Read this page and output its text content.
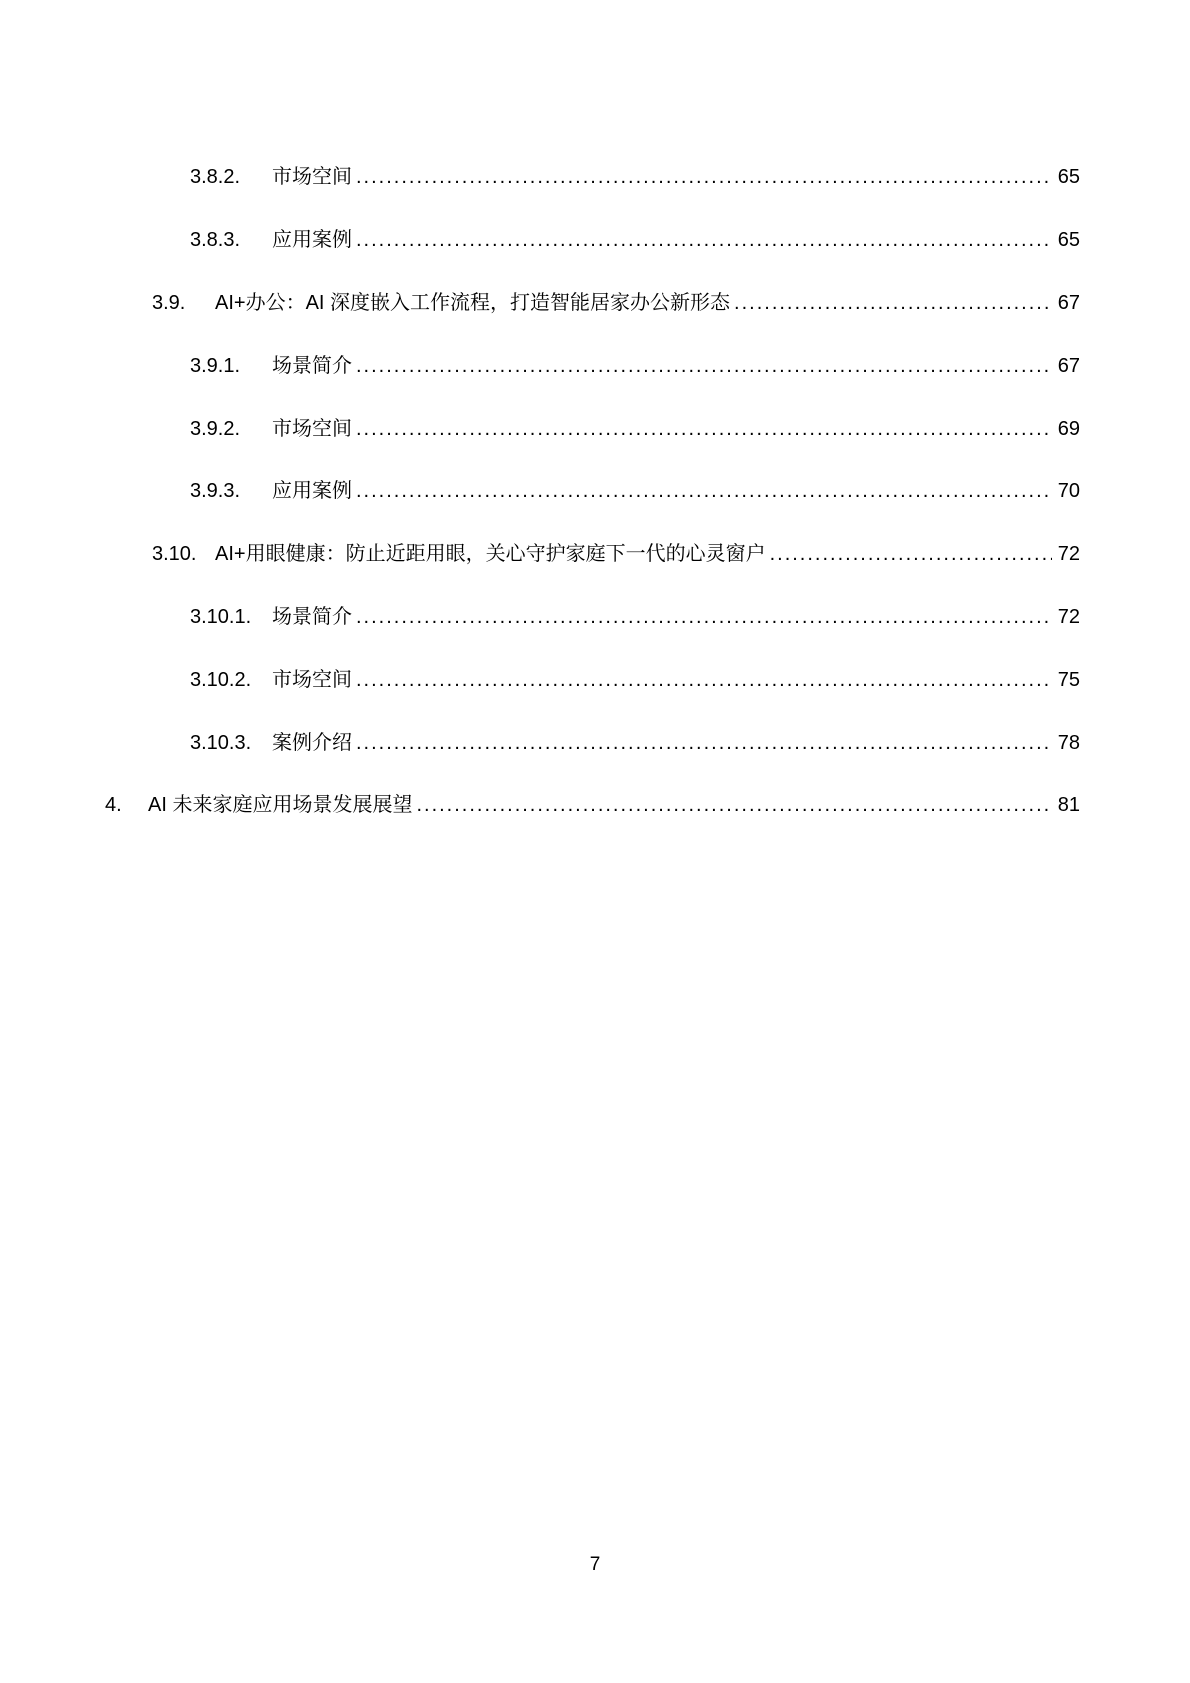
3.8.2.	市场空间 .....	65
3.8.3.	应用案例 .....	65
3.9.	AI+办公：AI 深度嵌入工作流程，打造智能居家办公新形态 .....	67
3.9.1.	场景简介 .....	67
3.9.2.	市场空间 .....	69
3.9.3.	应用案例 .....	70
3.10. AI+用眼健康：防止近距用眼，关心守护家庭下一代的心灵窗户 .....	72
3.10.1.	场景简介 .....	72
3.10.2.	市场空间 .....	75
3.10.3.	案例介绍 .....	78
4.	AI 未来家庭应用场景发展展望 .....	81
7
